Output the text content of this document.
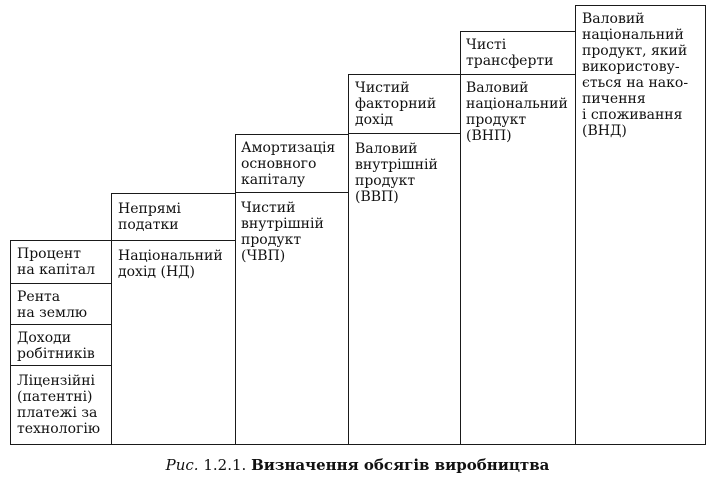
Процент
на капітал
Рента
на землю
Доходи
робітників
Ліцензійні
(патентні)
платежі за
технологію
Непрямі
податки
Національний
дохід (НД)
Амортизація
основного
капіталу
Чистий
внутрішній
продукт
(ЧВП)
Чистий
факторний
дохід
Валовий
внутрішній
продукт
(ВВП)
Чисті
трансферти
Валовий
національний
продукт
(ВНП)
Валовий
національний
продукт, який
використову-
ється на нако-
пичення
і споживання
(ВНД)
Рис. 1.2.1. Визначення обсягів виробництва
